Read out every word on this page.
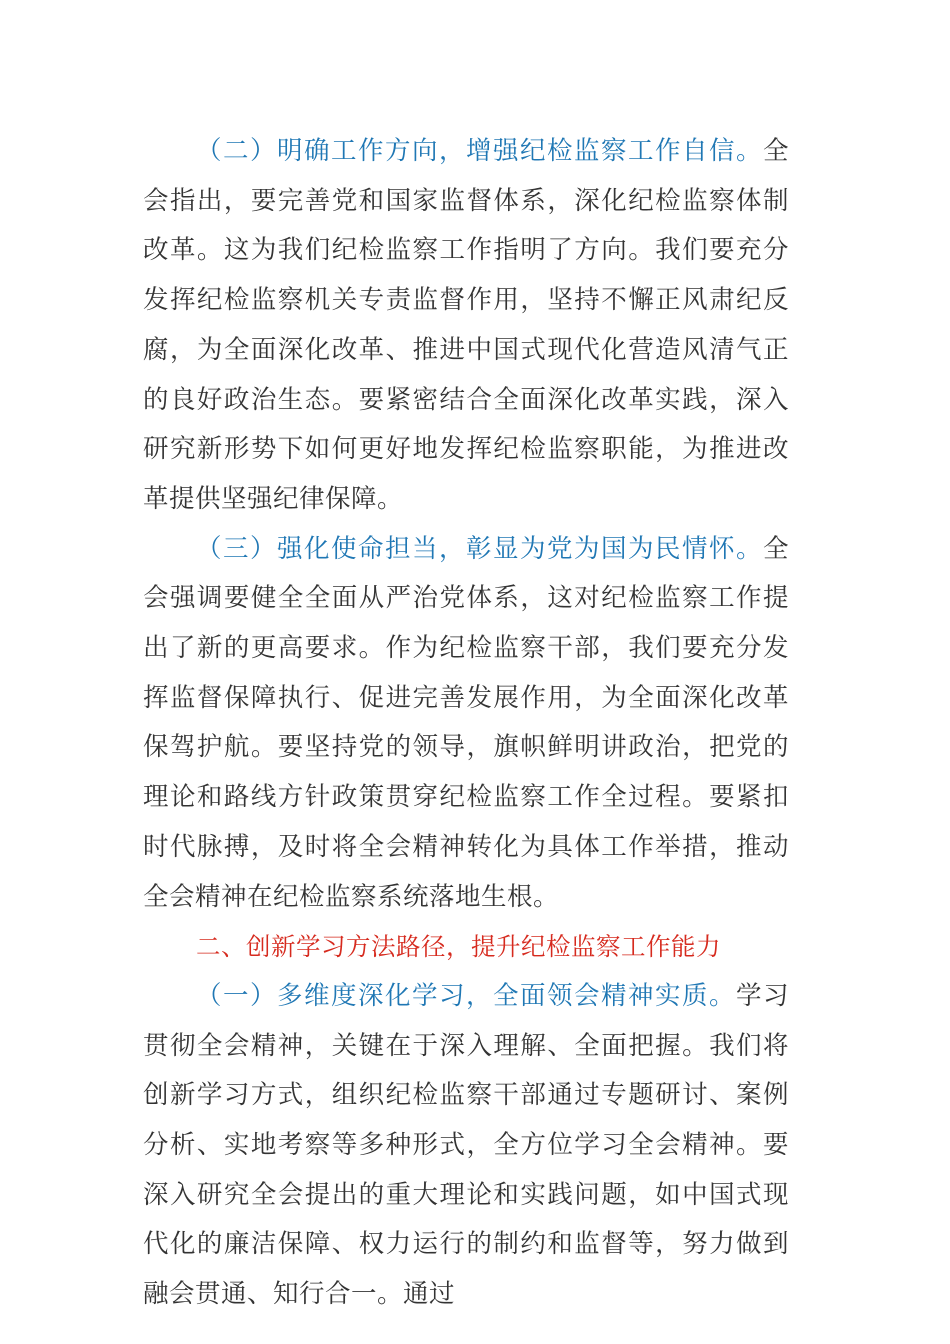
（二）明确工作方向，增强纪检监察工作自信。全会指出，要完善党和国家监督体系，深化纪检监察体制改革。这为我们纪检监察工作指明了方向。我们要充分发挥纪检监察机关专责监督作用，坚持不懈正风肃纪反腐，为全面深化改革、推进中国式现代化营造风清气正的良好政治生态。要紧密结合全面深化改革实践，深入研究新形势下如何更好地发挥纪检监察职能，为推进改革提供坚强纪律保障。

（三）强化使命担当，彰显为党为国为民情怀。全会强调要健全全面从严治党体系，这对纪检监察工作提出了新的更高要求。作为纪检监察干部，我们要充分发挥监督保障执行、促进完善发展作用，为全面深化改革保驾护航。要坚持党的领导，旗帜鲜明讲政治，把党的理论和路线方针政策贯穿纪检监察工作全过程。要紧扣时代脉搏，及时将全会精神转化为具体工作举措，推动全会精神在纪检监察系统落地生根。

二、创新学习方法路径，提升纪检监察工作能力

（一）多维度深化学习，全面领会精神实质。学习贯彻全会精神，关键在于深入理解、全面把握。我们将创新学习方式，组织纪检监察干部通过专题研讨、案例分析、实地考察等多种形式，全方位学习全会精神。要深入研究全会提出的重大理论和实践问题，如中国式现代化的廉洁保障、权力运行的制约和监督等，努力做到融会贯通、知行合一。通过
